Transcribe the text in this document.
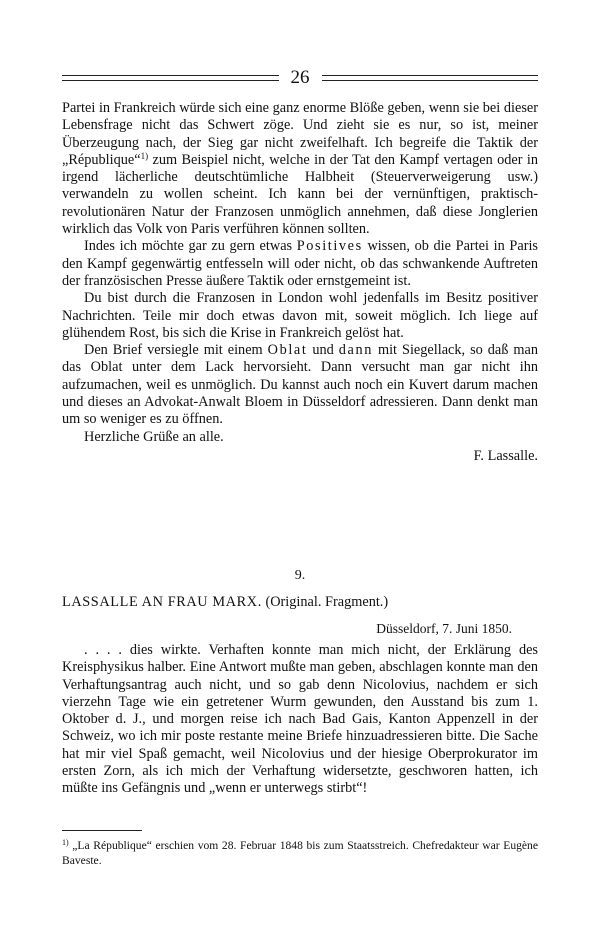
26

Partei in Frankreich würde sich eine ganz enorme Blöße geben, wenn sie bei dieser Lebensfrage nicht das Schwert zöge. Und zieht sie es nur, so ist, meiner Überzeugung nach, der Sieg gar nicht zweifelhaft. Ich begreife die Taktik der „République“$^{1)}$ zum Beispiel nicht, welche in der Tat den Kampf vertagen oder in irgend lächerliche deutschtümliche Halbheit (Steuerverweigerung usw.) verwandeln zu wollen scheint. Ich kann bei der vernünftigen, praktisch-revolutionären Natur der Franzosen unmöglich annehmen, daß diese Jonglerien wirklich das Volk von Paris verführen können sollten.

Indes ich möchte gar zu gern etwas Positives wissen, ob die Partei in Paris den Kampf gegenwärtig entfesseln will oder nicht, ob das schwankende Auftreten der französischen Presse äußere Taktik oder ernstgemeint ist.

Du bist durch die Franzosen in London wohl jedenfalls im Besitz positiver Nachrichten. Teile mir doch etwas davon mit, soweit möglich. Ich liege auf glühendem Rost, bis sich die Krise in Frankreich gelöst hat.

Den Brief versiegle mit einem Oblat und dann mit Siegellack, so daß man das Oblat unter dem Lack hervorsieht. Dann versucht man gar nicht ihn aufzumachen, weil es unmöglich. Du kannst auch noch ein Kuvert darum machen und dieses an Advokat-Anwalt Bloem in Düsseldorf adressieren. Dann denkt man um so weniger es zu öffnen.

Herzliche Grüße an alle.

F. Lassalle.

9.
LASSALLE AN FRAU MARX. (Original. Fragment.)
Düsseldorf, 7. Juni 1850.

. . . . dies wirkte. Verhaften konnte man mich nicht, der Erklärung des Kreisphysikus halber. Eine Antwort mußte man geben, abschlagen konnte man den Verhaftungsantrag auch nicht, und so gab denn Nicolovius, nachdem er sich vierzehn Tage wie ein getretener Wurm gewunden, den Ausstand bis zum 1. Oktober d. J., und morgen reise ich nach Bad Gais, Kanton Appenzell in der Schweiz, wo ich mir poste restante meine Briefe hinzuadressieren bitte. Die Sache hat mir viel Spaß gemacht, weil Nicolovius und der hiesige Oberprokurator im ersten Zorn, als ich mich der Verhaftung widersetzte, geschworen hatten, ich müßte ins Gefängnis und „wenn er unterwegs stirbt“!

$^{1)}$ „La République“ erschien vom 28. Februar 1848 bis zum Staatsstreich. Chefredakteur war Eugène Baveste.
